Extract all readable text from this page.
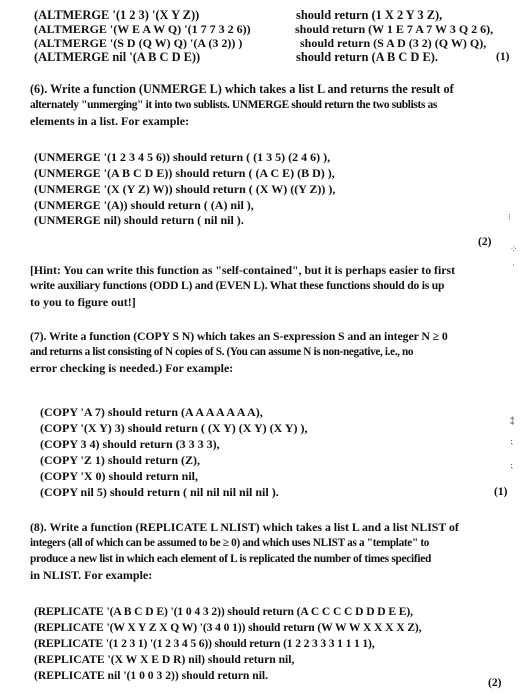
(ALTMERGE '(1 2 3) '(X Y Z))	should return (1 X 2 Y 3 Z),
(ALTMERGE '(W E A W Q) '(1 7 7 3 2 6))	should return (W 1 E 7 A 7 W 3 Q 2 6),
(ALTMERGE '(S D (Q W) Q) '(A (3 2)) )	should return (S A D (3 2) (Q W) Q),
(ALTMERGE nil '(A B C D E))	should return (A B C D E).	(1)
(6). Write a function (UNMERGE L) which takes a list L and returns the result of
alternately "unmerging" it into two sublists. UNMERGE should return the two sublists as
elements in a list. For example:
(UNMERGE '(1 2 3 4 5 6)) should return ( (1 3 5) (2 4 6) ),
(UNMERGE '(A B C D E)) should return ( (A C E) (B D) ),
(UNMERGE '(X (Y Z) W)) should return ( (X W) ((Y Z)) ),
(UNMERGE '(A)) should return ( (A) nil ),
(UNMERGE nil) should return ( nil nil ).
(2)
[Hint: You can write this function as "self-contained", but it is perhaps easier to first
write auxiliary functions (ODD L) and (EVEN L). What these functions should do is up
to you to figure out!]
(7). Write a function (COPY S N) which takes an S-expression S and an integer N ≥ 0
and returns a list consisting of N copies of S. (You can assume N is non-negative, i.e., no
error checking is needed.) For example:
(COPY 'A 7) should return (A A A A A A A),
(COPY '(X Y) 3) should return ( (X Y) (X Y) (X Y) ),
(COPY 3 4) should return (3 3 3 3),
(COPY 'Z 1) should return (Z),
(COPY 'X 0) should return nil,
(COPY nil 5) should return ( nil nil nil nil nil ).	(1)
(8). Write a function (REPLICATE L NLIST) which takes a list L and a list NLIST of
integers (all of which can be assumed to be ≥ 0) and which uses NLIST as a "template" to
produce a new list in which each element of L is replicated the number of times specified
in NLIST. For example:
(REPLICATE '(A B C D E) '(1 0 4 3 2)) should return (A C C C C D D D E E),
(REPLICATE '(W X Y Z X Q W) '(3 4 0 1)) should return (W W W X X X X Z),
(REPLICATE '(1 2 3 1) '(1 2 3 4 5 6)) should return (1 2 2 3 3 3 1 1 1 1),
(REPLICATE '(X W X E D R) nil) should return nil,
(REPLICATE nil '(1 0 0 3 2)) should return nil.
(2)
⁝
⁘
·
⁑
⁏
⁏
